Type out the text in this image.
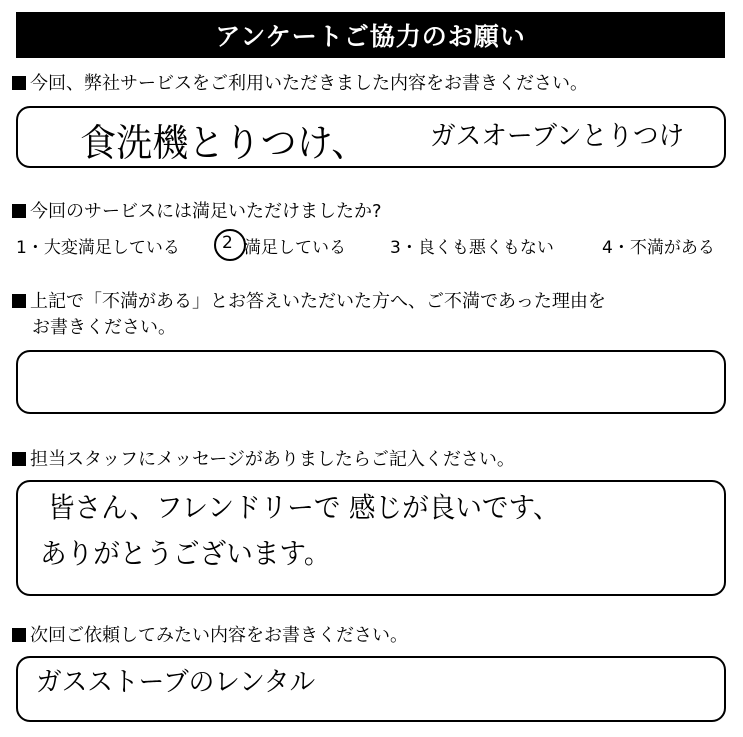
アンケートご協力のお願い
今回、弊社サービスをご利用いただきました内容をお書きください。
食洗機とりつけ、 ガスオーブンとりつけ
今回のサービスには満足いただけましたか?
1・大変満足している 2 満足している	3・良くも悪くもない	4・不満がある
上記で「不満がある」とお答えいただいた方へ、ご不満であった理由を
お書きください。
担当スタッフにメッセージがありましたらご記入ください。
皆さん、フレンドリーで 感じが良いです、
ありがとうございます。
次回ご依頼してみたい内容をお書きください。
ガスストーブのレンタル
